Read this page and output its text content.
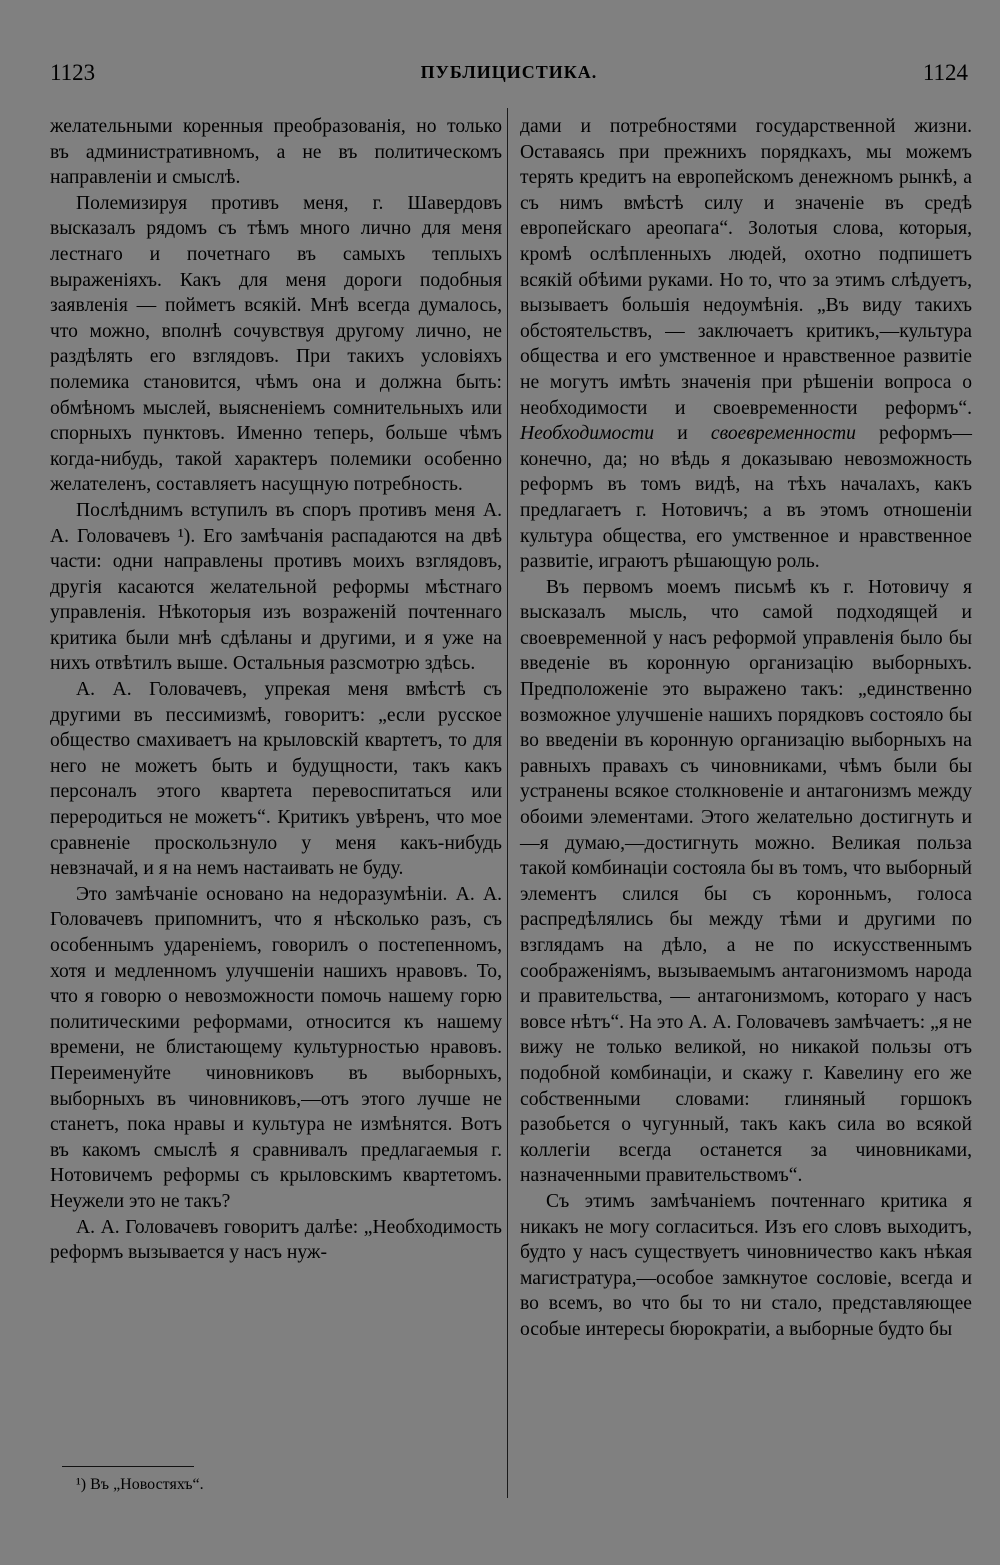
1123	ПУБЛИЦИСТИКА.	1124

желательными коренныя преобразованія, но только въ административномъ, а не въ политическомъ направленіи и смыслѣ.

Полемизируя противъ меня, г. Шавердовъ высказалъ рядомъ съ тѣмъ много лично для меня лестнаго и почетнаго въ самыхъ теплыхъ выраженіяхъ. Какъ для меня дороги подобныя заявленія — пойметъ всякій. Мнѣ всегда думалось, что можно, вполнѣ сочувствуя другому лично, не раздѣлять его взглядовъ. При такихъ условіяхъ полемика становится, чѣмъ она и должна быть: обмѣномъ мыслей, выясненіемъ сомнительныхъ или спорныхъ пунктовъ. Именно теперь, больше чѣмъ когда-нибудь, такой характеръ полемики особенно желателенъ, составляетъ насущную потребность.

Послѣднимъ вступилъ въ споръ противъ меня А. А. Головачевъ ¹). Его замѣчанія распадаются на двѣ части: одни направлены противъ моихъ взглядовъ, другія касаются желательной реформы мѣстнаго управленія. Нѣкоторыя изъ возраженій почтеннаго критика были мнѣ сдѣланы и другими, и я уже на нихъ отвѣтилъ выше. Остальныя разсмотрю здѣсь.

А. А. Головачевъ, упрекая меня вмѣстѣ съ другими въ пессимизмѣ, говоритъ: „если русское общество смахиваетъ на крыловскій квартетъ, то для него не можетъ быть и будущности, такъ какъ персоналъ этого квартета перевоспитаться или переродиться не можетъ“. Критикъ увѣренъ, что мое сравненіе проскользнуло у меня какъ-нибудь невзначай, и я на немъ настаивать не буду.

Это замѣчаніе основано на недоразумѣніи. А. А. Головачевъ припомнитъ, что я нѣсколько разъ, съ особеннымъ удареніемъ, говорилъ о постепенномъ, хотя и медленномъ улучшеніи нашихъ нравовъ. То, что я говорю о невозможности помочь нашему горю политическими реформами, относится къ нашему времени, не блистающему культурностью нравовъ. Переименуйте чиновниковъ въ выборныхъ, выборныхъ въ чиновниковъ,—отъ этого лучше не станетъ, пока нравы и культура не измѣнятся. Вотъ въ какомъ смыслѣ я сравнивалъ предлагаемыя г. Нотовичемъ реформы съ крыловскимъ квартетомъ. Неужели это не такъ?

А. А. Головачевъ говоритъ далѣе: „Необходимость реформъ вызывается у насъ нуж-

дами и потребностями государственной жизни. Оставаясь при прежнихъ порядкахъ, мы можемъ терять кредитъ на европейскомъ денежномъ рынкѣ, а съ нимъ вмѣстѣ силу и значеніе въ средѣ европейскаго ареопага“. Золотыя слова, которыя, кромѣ ослѣпленныхъ людей, охотно подпишетъ всякій обѣими руками. Но то, что за этимъ слѣдуетъ, вызываетъ большія недоумѣнія. „Въ виду такихъ обстоятельствъ, — заключаетъ критикъ,—культура общества и его умственное и нравственное развитіе не могутъ имѣть значенія при рѣшеніи вопроса о необходимости и своевременности реформъ“. Необходимости и своевременности реформъ—конечно, да; но вѣдь я доказываю невозможность реформъ въ томъ видѣ, на тѣхъ началахъ, какъ предлагаетъ г. Нотовичъ; а въ этомъ отношеніи культура общества, его умственное и нравственное развитіе, играютъ рѣшающую роль.

Въ первомъ моемъ письмѣ къ г. Нотовичу я высказалъ мысль, что самой подходящей и своевременной у насъ реформой управленія было бы введеніе въ коронную организацію выборныхъ. Предположеніе это выражено такъ: „единственно возможное улучшеніе нашихъ порядковъ состояло бы во введеніи въ коронную организацію выборныхъ на равныхъ правахъ съ чиновниками, чѣмъ были бы устранены всякое столкновеніе и антагонизмъ между обоими элементами. Этого желательно достигнуть и—я думаю,—достигнуть можно. Великая польза такой комбинаціи состояла бы въ томъ, что выборный элементъ слился бы съ коронньмъ, голоса распредѣлялись бы между тѣми и другими по взглядамъ на дѣло, а не по искусственнымъ соображеніямъ, вызываемымъ антагонизмомъ народа и правительства, — антагонизмомъ, котораго у насъ вовсе нѣтъ“. На это А. А. Головачевъ замѣчаетъ: „я не вижу не только великой, но никакой пользы отъ подобной комбинаціи, и скажу г. Кавелину его же собственными словами: глиняный горшокъ разобьется о чугунный, такъ какъ сила во всякой коллегіи всегда останется за чиновниками, назначенными правительствомъ“.

Съ этимъ замѣчаніемъ почтеннаго критика я никакъ не могу согласиться. Изъ его словъ выходитъ, будто у насъ существуетъ чиновничество какъ нѣкая магистратура,—особое замкнутое сословіе, всегда и во всемъ, во что бы то ни стало, представляющее особые интересы бюрократіи, а выборные будто бы

¹) Въ „Новостяхъ“.
